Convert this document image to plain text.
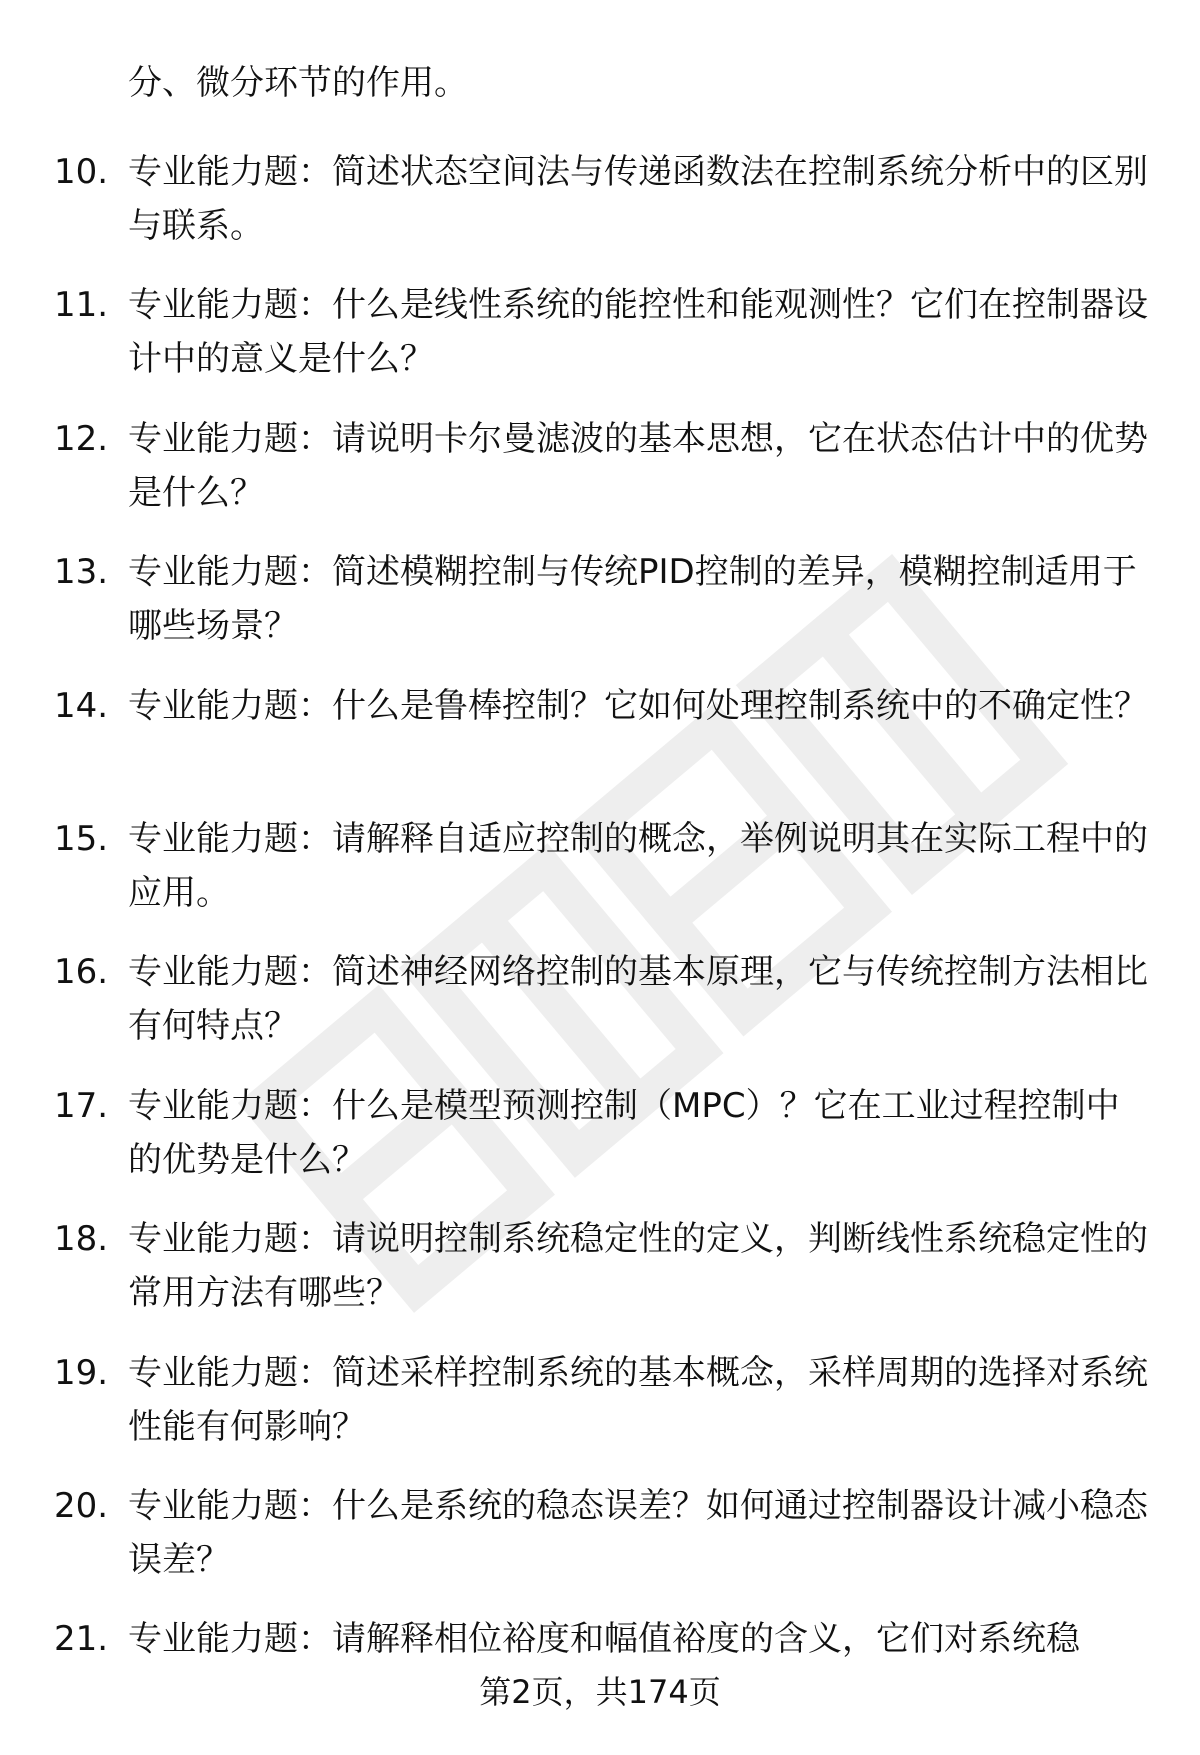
分、微分环节的作用。

10. 专业能力题：简述状态空间法与传递函数法在控制系统分析中的区别与联系。
11. 专业能力题：什么是线性系统的能控性和能观测性？它们在控制器设计中的意义是什么？
12. 专业能力题：请说明卡尔曼滤波的基本思想，它在状态估计中的优势是什么？
13. 专业能力题：简述模糊控制与传统PID控制的差异，模糊控制适用于哪些场景？
14. 专业能力题：什么是鲁棒控制？它如何处理控制系统中的不确定性？
15. 专业能力题：请解释自适应控制的概念，举例说明其在实际工程中的应用。
16. 专业能力题：简述神经网络控制的基本原理，它与传统控制方法相比有何特点？
17. 专业能力题：什么是模型预测控制（MPC）？它在工业过程控制中的优势是什么？
18. 专业能力题：请说明控制系统稳定性的定义，判断线性系统稳定性的常用方法有哪些？
19. 专业能力题：简述采样控制系统的基本概念，采样周期的选择对系统性能有何影响？
20. 专业能力题：什么是系统的稳态误差？如何通过控制器设计减小稳态误差？
21. 专业能力题：请解释相位裕度和幅值裕度的含义，它们对系统稳
第2页，共174页
